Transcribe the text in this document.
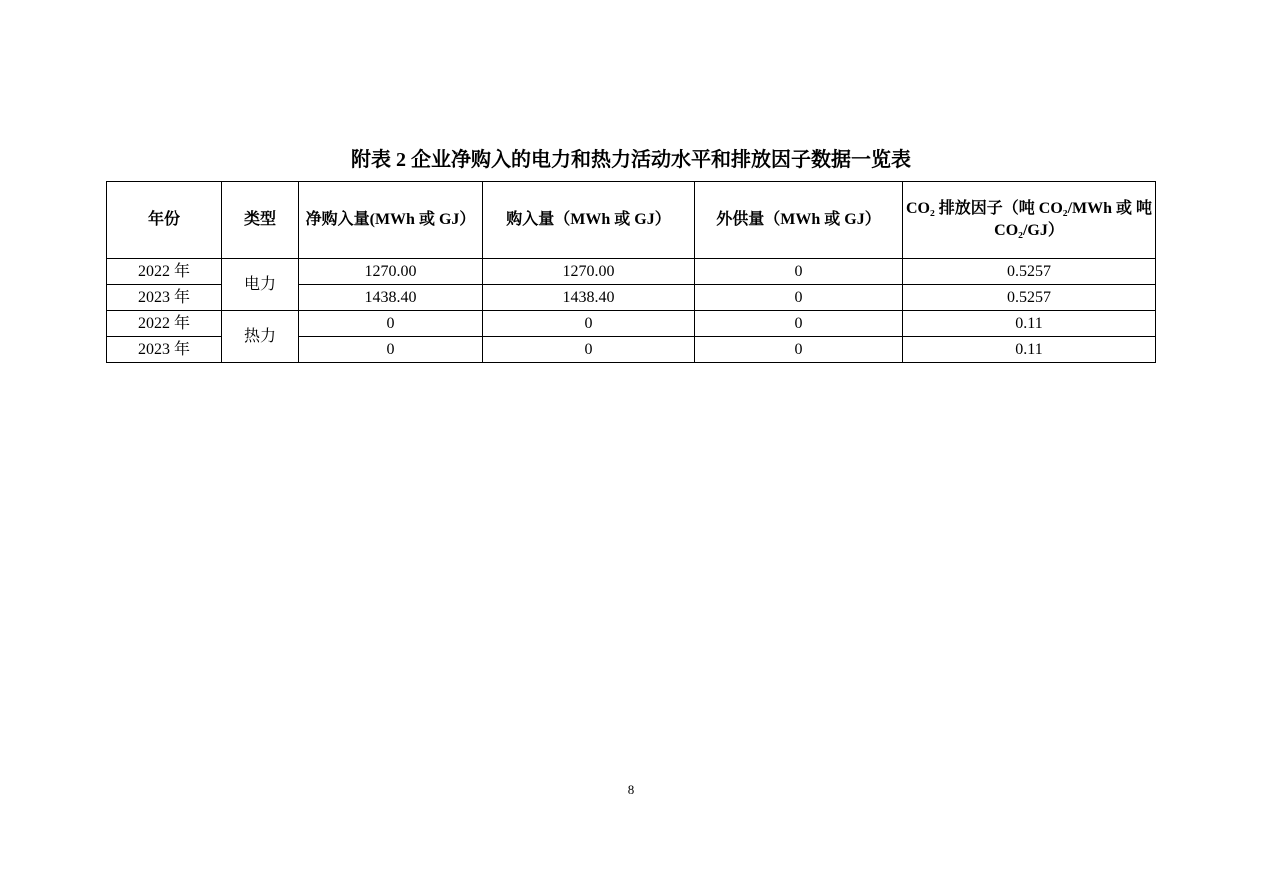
附表 2 企业净购入的电力和热力活动水平和排放因子数据一览表
年份	类型	净购入量(MWh 或 GJ）	购入量（MWh 或 GJ）	外供量（MWh 或 GJ）	CO₂ 排放因子（吨 CO₂/MWh 或 吨 CO₂/GJ）
2022 年	电力	1270.00	1270.00	0	0.5257
2023 年		1438.40	1438.40	0	0.5257
2022 年	热力	0	0	0	0.11
2023 年		0	0	0	0.11
8
